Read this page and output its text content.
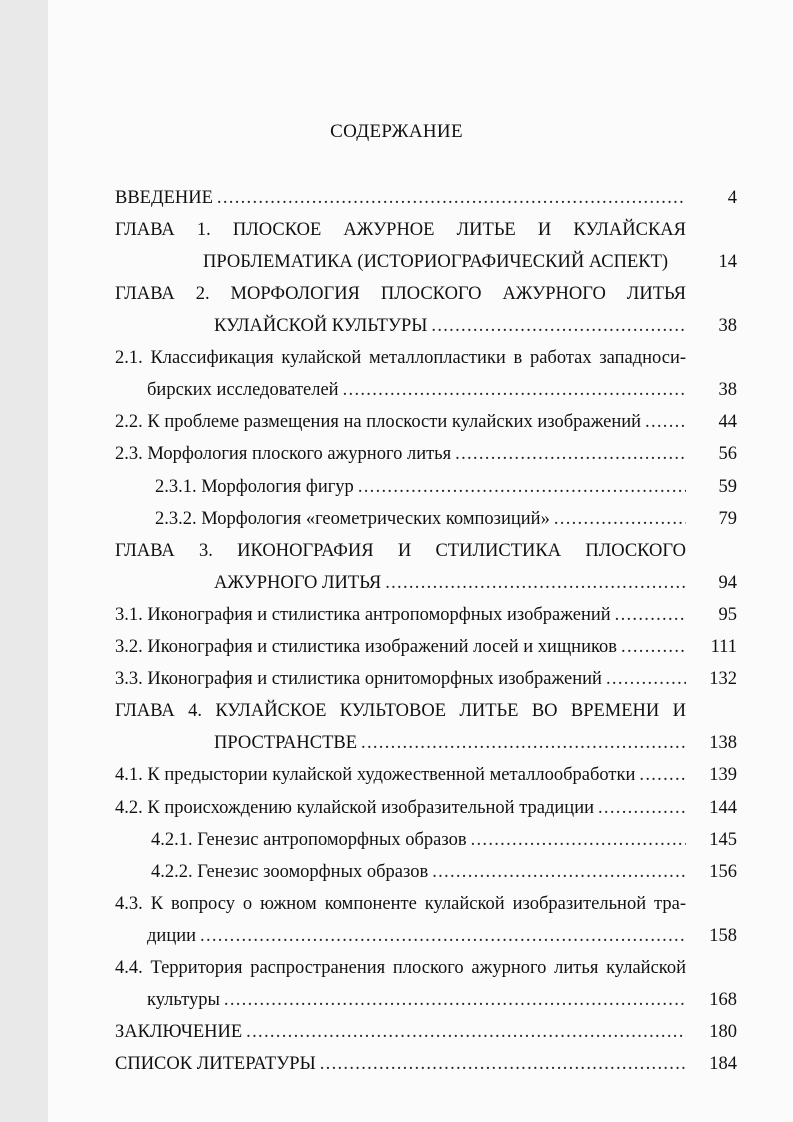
СОДЕРЖАНИЕ
ВВЕДЕНИЕ .....	4
ГЛАВА 1. ПЛОСКОЕ АЖУРНОЕ ЛИТЬЕ И КУЛАЙСКАЯ
ПРОБЛЕМАТИКА (ИСТОРИОГРАФИЧЕСКИЙ АСПЕКТ)	14
ГЛАВА 2. МОРФОЛОГИЯ ПЛОСКОГО АЖУРНОГО ЛИТЬЯ
КУЛАЙСКОЙ КУЛЬТУРЫ .....	38
2.1. Классификация кулайской металлопластики в работах западноси-
бирских исследователей .....	38
2.2. К проблеме размещения на плоскости кулайских изображений .....	44
2.3. Морфология плоского ажурного литья .....	56
2.3.1. Морфология фигур .....	59
2.3.2. Морфология «геометрических композиций» .....	79
ГЛАВА 3. ИКОНОГРАФИЯ И СТИЛИСТИКА ПЛОСКОГО
АЖУРНОГО ЛИТЬЯ .....	94
3.1. Иконография и стилистика антропоморфных изображений .....	95
3.2. Иконография и стилистика изображений лосей и хищников .....	111
3.3. Иконография и стилистика орнитоморфных изображений .....	132
ГЛАВА 4. КУЛАЙСКОЕ КУЛЬТОВОЕ ЛИТЬЕ ВО ВРЕМЕНИ И
ПРОСТРАНСТВЕ .....	138
4.1. К предыстории кулайской художественной металлообработки .....	139
4.2. К происхождению кулайской изобразительной традиции .....	144
4.2.1. Генезис антропоморфных образов .....	145
4.2.2. Генезис зооморфных образов .....	156
4.3. К вопросу о южном компоненте кулайской изобразительной тра-
диции .....	158
4.4. Территория распространения плоского ажурного литья кулайской
культуры .....	168
ЗАКЛЮЧЕНИЕ .....	180
СПИСОК ЛИТЕРАТУРЫ .....	184
